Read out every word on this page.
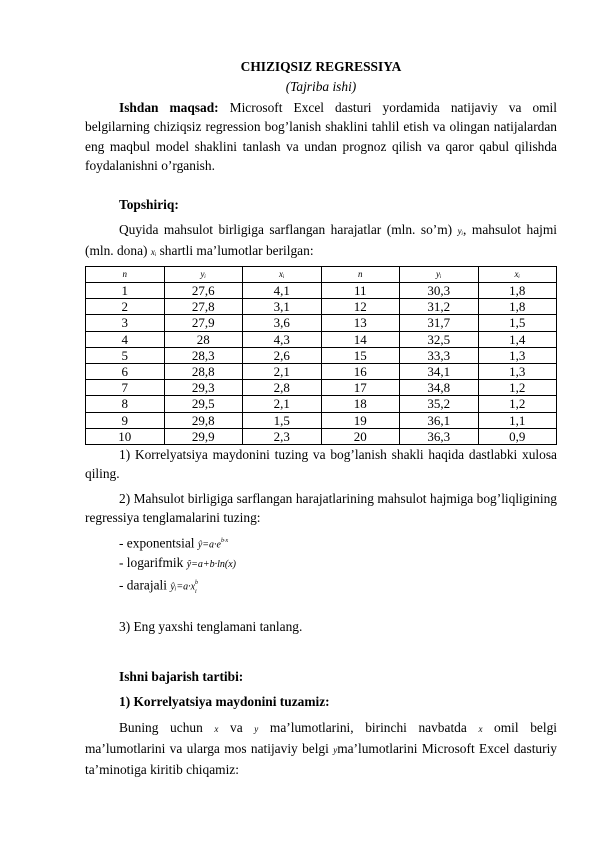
CHIZIQSIZ REGRESSIYA

(Tajriba ishi)

Ishdan maqsad: Microsoft Excel dasturi yordamida natijaviy va omil belgilarning chiziqsiz regression bog’lanish shaklini tahlil etish va olingan natijalardan eng maqbul model shaklini tanlash va undan prognoz qilish va qaror qabul qilishda foydalanishni o’rganish.

Topshiriq:

Quyida mahsulot birligiga sarflangan harajatlar (mln. so’m) yᵢ, mahsulot hajmi (mln. dona) xᵢ shartli ma’lumotlar berilgan:

n	yᵢ	xᵢ	n	yᵢ	xᵢ
1	27,6	4,1	11	30,3	1,8
2	27,8	3,1	12	31,2	1,8
3	27,9	3,6	13	31,7	1,5
4	28	4,3	14	32,5	1,4
5	28,3	2,6	15	33,3	1,3
6	28,8	2,1	16	34,1	1,3
7	29,3	2,8	17	34,8	1,2
8	29,5	2,1	18	35,2	1,2
9	29,8	1,5	19	36,1	1,1
10	29,9	2,3	20	36,3	0,9

1) Korrelyatsiya maydonini tuzing va bog’lanish shakli haqida dastlabki xulosa qiling.

2) Mahsulot birligiga sarflangan harajatlarining mahsulot hajmiga bog’liqligining regressiya tenglamalarini tuzing:

- exponentsial $ŷ=a\cdot e^{b\cdot x}$

- logarifmik ŷ=a+b·ln(x)

- darajali $ŷᵢ=a\cdot x^b_i$

3) Eng yaxshi tenglamani tanlang.

Ishni bajarish tartibi:

1) Korrelyatsiya maydonini tuzamiz:

Buning uchun x va y ma’lumotlarini, birinchi navbatda x omil belgi ma’lumotlarini va ularga mos natijaviy belgi yma’lumotlarini Microsoft Excel dasturiy ta’minotiga kiritib chiqamiz:
